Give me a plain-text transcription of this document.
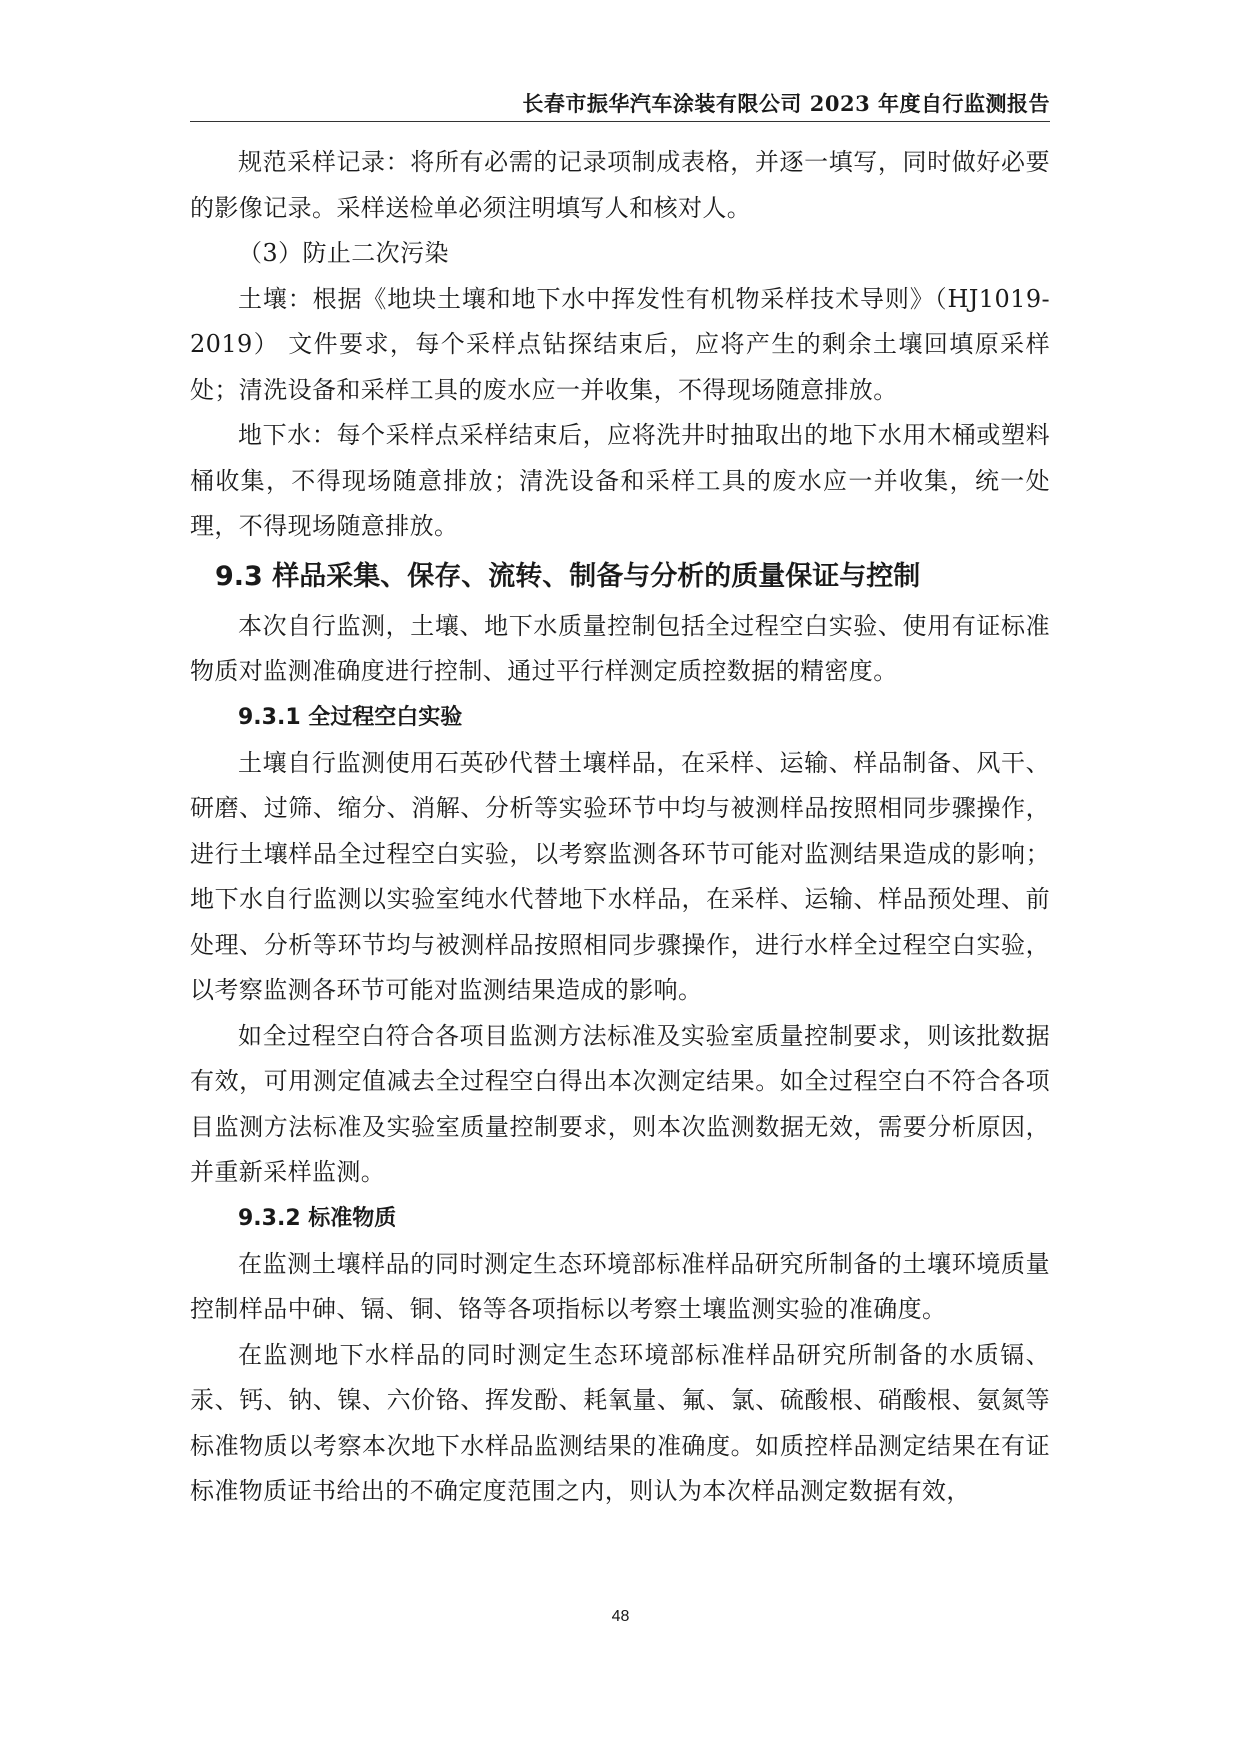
长春市振华汽车涂装有限公司 2023 年度自行监测报告

规范采样记录：将所有必需的记录项制成表格，并逐一填写，同时做好必要的影像记录。采样送检单必须注明填写人和核对人。

（3）防止二次污染

土壤：根据《地块土壤和地下水中挥发性有机物采样技术导则》（HJ1019-2019） 文件要求，每个采样点钻探结束后，应将产生的剩余土壤回填原采样处；清洗设备和采样工具的废水应一并收集，不得现场随意排放。

地下水：每个采样点采样结束后，应将洗井时抽取出的地下水用木桶或塑料桶收集，不得现场随意排放；清洗设备和采样工具的废水应一并收集，统一处理，不得现场随意排放。

9.3 样品采集、保存、流转、制备与分析的质量保证与控制

本次自行监测，土壤、地下水质量控制包括全过程空白实验、使用有证标准物质对监测准确度进行控制、通过平行样测定质控数据的精密度。

9.3.1 全过程空白实验

土壤自行监测使用石英砂代替土壤样品，在采样、运输、样品制备、风干、研磨、过筛、缩分、消解、分析等实验环节中均与被测样品按照相同步骤操作，进行土壤样品全过程空白实验，以考察监测各环节可能对监测结果造成的影响；地下水自行监测以实验室纯水代替地下水样品，在采样、运输、样品预处理、前处理、分析等环节均与被测样品按照相同步骤操作，进行水样全过程空白实验，以考察监测各环节可能对监测结果造成的影响。

如全过程空白符合各项目监测方法标准及实验室质量控制要求，则该批数据有效，可用测定值减去全过程空白得出本次测定结果。如全过程空白不符合各项目监测方法标准及实验室质量控制要求，则本次监测数据无效，需要分析原因，并重新采样监测。

9.3.2 标准物质

在监测土壤样品的同时测定生态环境部标准样品研究所制备的土壤环境质量控制样品中砷、镉、铜、铬等各项指标以考察土壤监测实验的准确度。

在监测地下水样品的同时测定生态环境部标准样品研究所制备的水质镉、汞、钙、钠、镍、六价铬、挥发酚、耗氧量、氟、氯、硫酸根、硝酸根、氨氮等标准物质以考察本次地下水样品监测结果的准确度。如质控样品测定结果在有证标准物质证书给出的不确定度范围之内，则认为本次样品测定数据有效，

48
